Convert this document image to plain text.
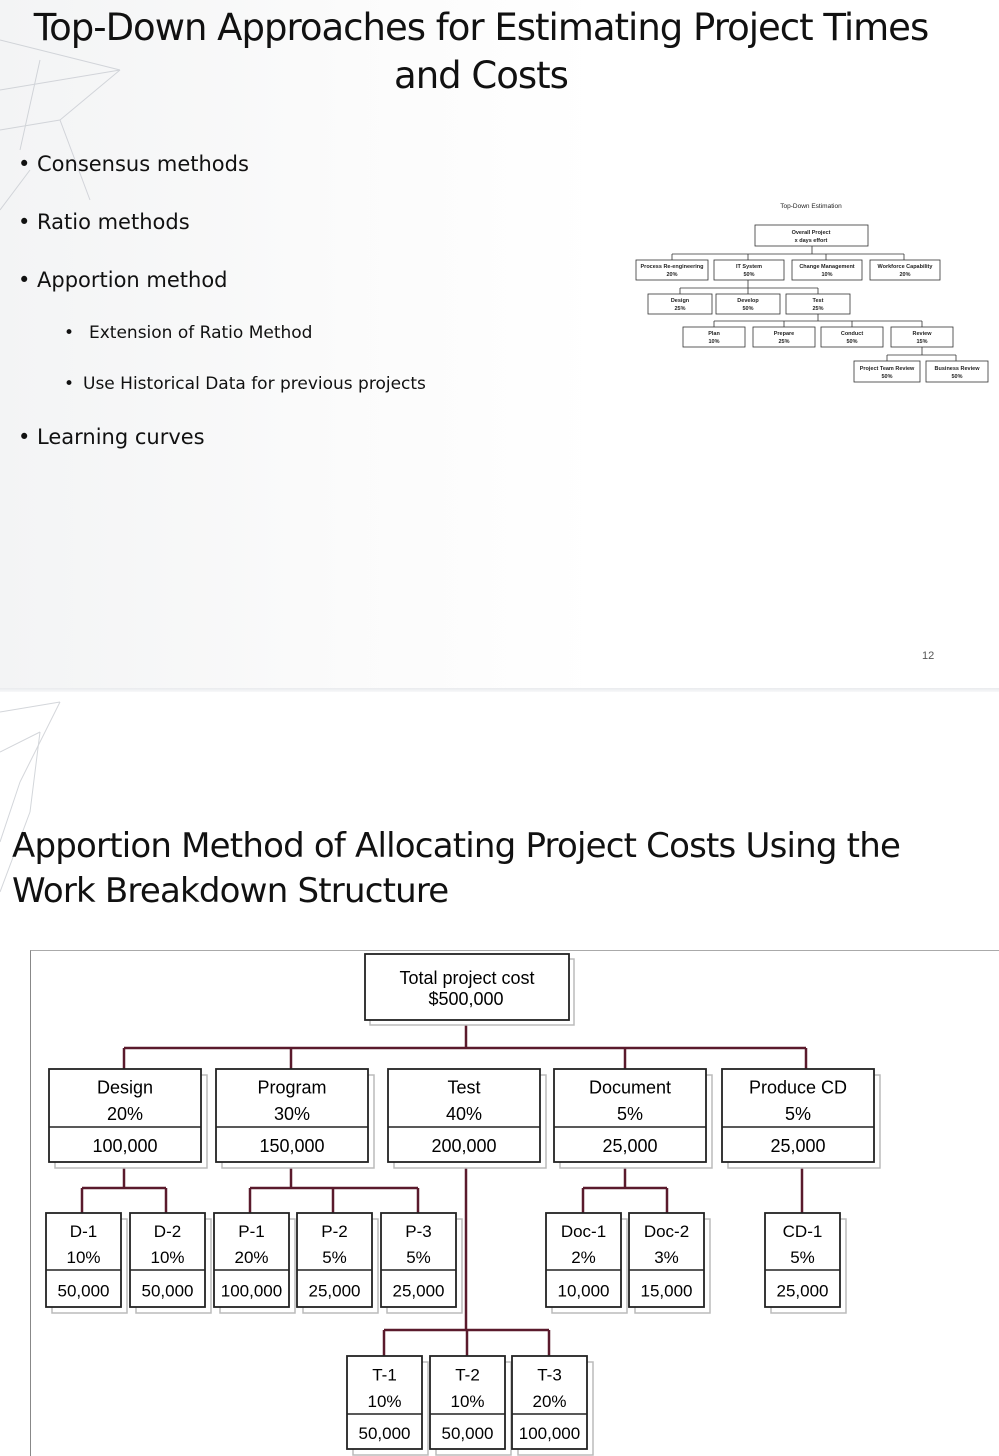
Top-Down Approaches for Estimating Project Times
and Costs
• Consensus methods
• Ratio methods
• Apportion method
• Extension of Ratio Method
• Use Historical Data for previous projects
• Learning curves
Top-Down Estimation
Overall Project
x days effort
Process Re-engineering
20%
IT System
50%
Change Management
10%
Workforce Capability
20%
Design
25%
Develop
50%
Test
25%
Plan
10%
Prepare
25%
Conduct
50%
Review
15%
Project Team Review
50%
Business Review
50%
12
Apportion Method of Allocating Project Costs Using the
Work Breakdown Structure
Total project cost
$500,000
Design
20%
100,000
Program
30%
150,000
Test
40%
200,000
Document
5%
25,000
Produce CD
5%
25,000
D-1
10%
50,000
D-2
10%
50,000
P-1
20%
100,000
P-2
5%
25,000
P-3
5%
25,000
Doc-1
2%
10,000
Doc-2
3%
15,000
CD-1
5%
25,000
T-1
10%
50,000
T-2
10%
50,000
T-3
20%
100,000
